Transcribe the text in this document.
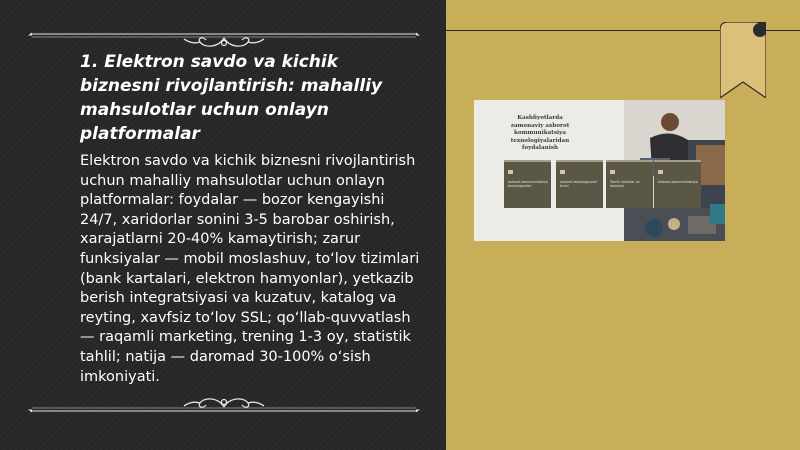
1. Elektron savdo va kichik biznesni rivojlantirish: mahalliy mahsulotlar uchun onlayn platformalar

Elektron savdo va kichik biznesni rivojlantirish uchun mahalliy mahsulotlar uchun onlayn platformalar: foydalar — bozor kengayishi 24/7, xaridorlar sonini 3-5 barobar oshirish, xarajatlarni 20-40% kamaytirish; zarur funksiyalar — mobil moslashuv, to‘lov tizimlari (bank kartalari, elektron hamyonlar), yetkazib berish integratsiyasi va kuzatuv, katalog va reyting, xavfsiz to‘lov SSL; qo‘llab-quvvatlash — raqamli marketing, trening 1-3 oy, statistik tahlil; natija — daromad 30-100% o‘sish imkoniyati.

Kashfiyotlarda zamonaviy axborot kommunikatsiya texnologiyalaridan foydalanish
Axborot kommunikatsiya texnologiyalari
Axborot texnologiyalari tizimi
Texnik vositalar va dasturlar
Axborot kommunikatsiya
